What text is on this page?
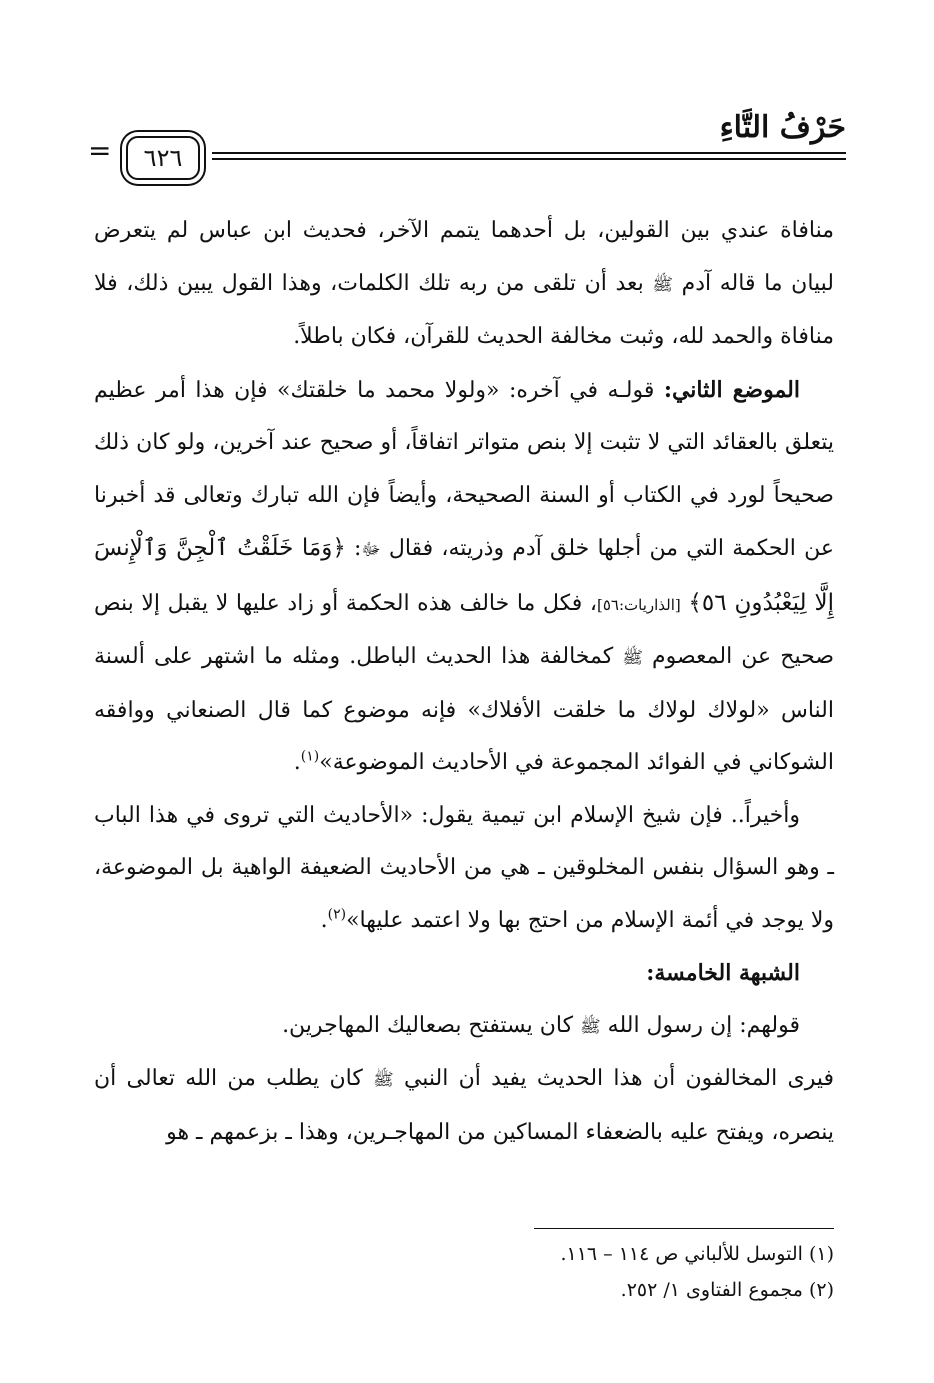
حَرْفُ التَّاءِ
٦٢٦
=

منافاة عندي بين القولين، بل أحدهما يتمم الآخر، فحديث ابن عباس لم يتعرض لبيان ما قاله آدم ﷺ بعد أن تلقى من ربه تلك الكلمات، وهذا القول يبين ذلك، فلا منافاة والحمد لله، وثبت مخالفة الحديث للقرآن، فكان باطلاً.

الموضع الثاني: قولـه في آخره: «ولولا محمد ما خلقتك» فإن هذا أمر عظيم يتعلق بالعقائد التي لا تثبت إلا بنص متواتر اتفاقاً، أو صحيح عند آخرين، ولو كان ذلك صحيحاً لورد في الكتاب أو السنة الصحيحة، وأيضاً فإن الله تبارك وتعالى قد أخبرنا عن الحكمة التي من أجلها خلق آدم وذريته، فقال ﷻ: ﴿وَمَا خَلَقْتُ ٱلْجِنَّ وَٱلْإِنسَ إِلَّا لِيَعْبُدُونِ ٥٦﴾ [الذاريات:٥٦]، فكل ما خالف هذه الحكمة أو زاد عليها لا يقبل إلا بنص صحيح عن المعصوم ﷺ كمخالفة هذا الحديث الباطل. ومثله ما اشتهر على ألسنة الناس «لولاك لولاك ما خلقت الأفلاك» فإنه موضوع كما قال الصنعاني ووافقه الشوكاني في الفوائد المجموعة في الأحاديث الموضوعة»$^{(١)}$.

وأخيراً.. فإن شيخ الإسلام ابن تيمية يقول: «الأحاديث التي تروى في هذا الباب ـ وهو السؤال بنفس المخلوقين ـ هي من الأحاديث الضعيفة الواهية بل الموضوعة، ولا يوجد في أئمة الإسلام من احتج بها ولا اعتمد عليها»$^{(٢)}$.

الشبهة الخامسة:

قولهم: إن رسول الله ﷺ كان يستفتح بصعاليك المهاجرين.

فيرى المخالفون أن هذا الحديث يفيد أن النبي ﷺ كان يطلب من الله تعالى أن ينصره، ويفتح عليه بالضعفاء المساكين من المهاجـرين، وهذا ـ بزعمهم ـ هو

(١) التوسل للألباني ص ١١٤ – ١١٦.

(٢) مجموع الفتاوى ١/ ٢٥٢.
